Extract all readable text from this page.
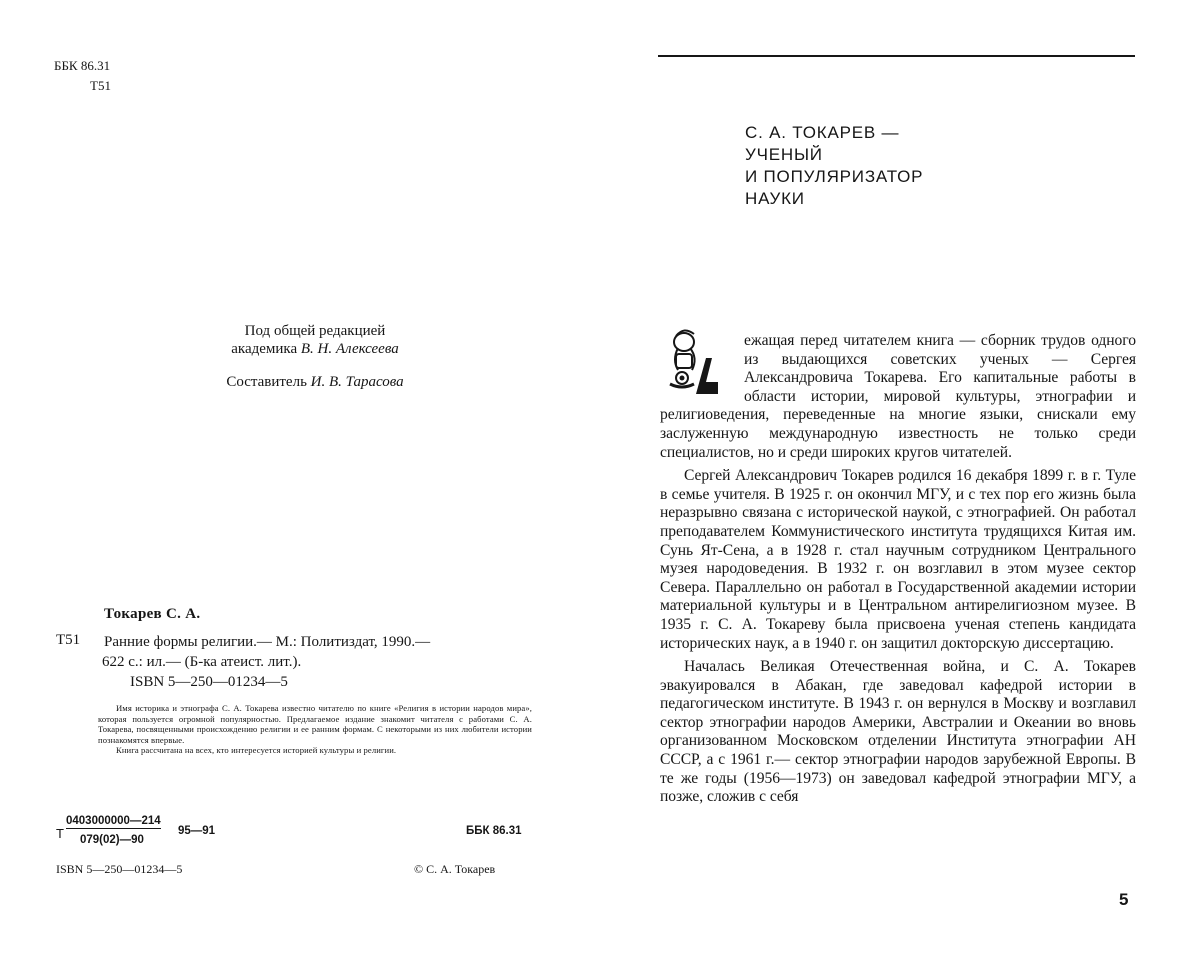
ББК 86.31
Т51
Под общей редакцией
академика В. Н. Алексеева
Составитель И. В. Тарасова
Токарев С. А.
Т51 Ранние формы религии.— М.: Политиздат, 1990.—
622 с.: ил.— (Б-ка атеист. лит.).
ISBN 5—250—01234—5

Имя историка и этнографа С. А. Токарева известно читателю по книге «Религия в истории народов мира», которая пользуется огромной популярностью. Предлагаемое издание знакомит читателя с работами С. А. Токарева, посвященными происхождению религии и ее ранним формам. С некоторыми из них любители истории познакомятся впервые.

Книга рассчитана на всех, кто интересуется историей культуры и религии.

Т
0403000000—214
079(02)—90
95—91	ББК 86.31
ISBN 5—250—01234—5	© С. А. Токарев
С. А. ТОКАРЕВ —
УЧЕНЫЙ
И ПОПУЛЯРИЗАТОР
НАУКИ

ежащая перед читателем книга — сборник трудов одного из выдающихся советских ученых — Сергея Александровича Токарева. Его капитальные работы в области истории, мировой культуры, этнографии и религиоведения, переведенные на многие языки, снискали ему заслуженную международную известность не только среди специалистов, но и среди широких кругов читателей.

Сергей Александрович Токарев родился 16 декабря 1899 г. в г. Туле в семье учителя. В 1925 г. он окончил МГУ, и с тех пор его жизнь была неразрывно связана с исторической наукой, с этнографией. Он работал преподавателем Коммунистического института трудящихся Китая им. Сунь Ят-Сена, а в 1928 г. стал научным сотрудником Центрального музея народоведения. В 1932 г. он возглавил в этом музее сектор Севера. Параллельно он работал в Государственной академии истории материальной культуры и в Центральном антирелигиозном музее. В 1935 г. С. А. Токареву была присвоена ученая степень кандидата исторических наук, а в 1940 г. он защитил докторскую диссертацию.

Началась Великая Отечественная война, и С. А. Токарев эвакуировался в Абакан, где заведовал кафедрой истории в педагогическом институте. В 1943 г. он вернулся в Москву и возглавил сектор этнографии народов Америки, Австралии и Океании во вновь организованном Московском отделении Института этнографии АН СССР, а с 1961 г.— сектор этнографии народов зарубежной Европы. В те же годы (1956—1973) он заведовал кафедрой этнографии МГУ, а позже, сложив с себя

5
